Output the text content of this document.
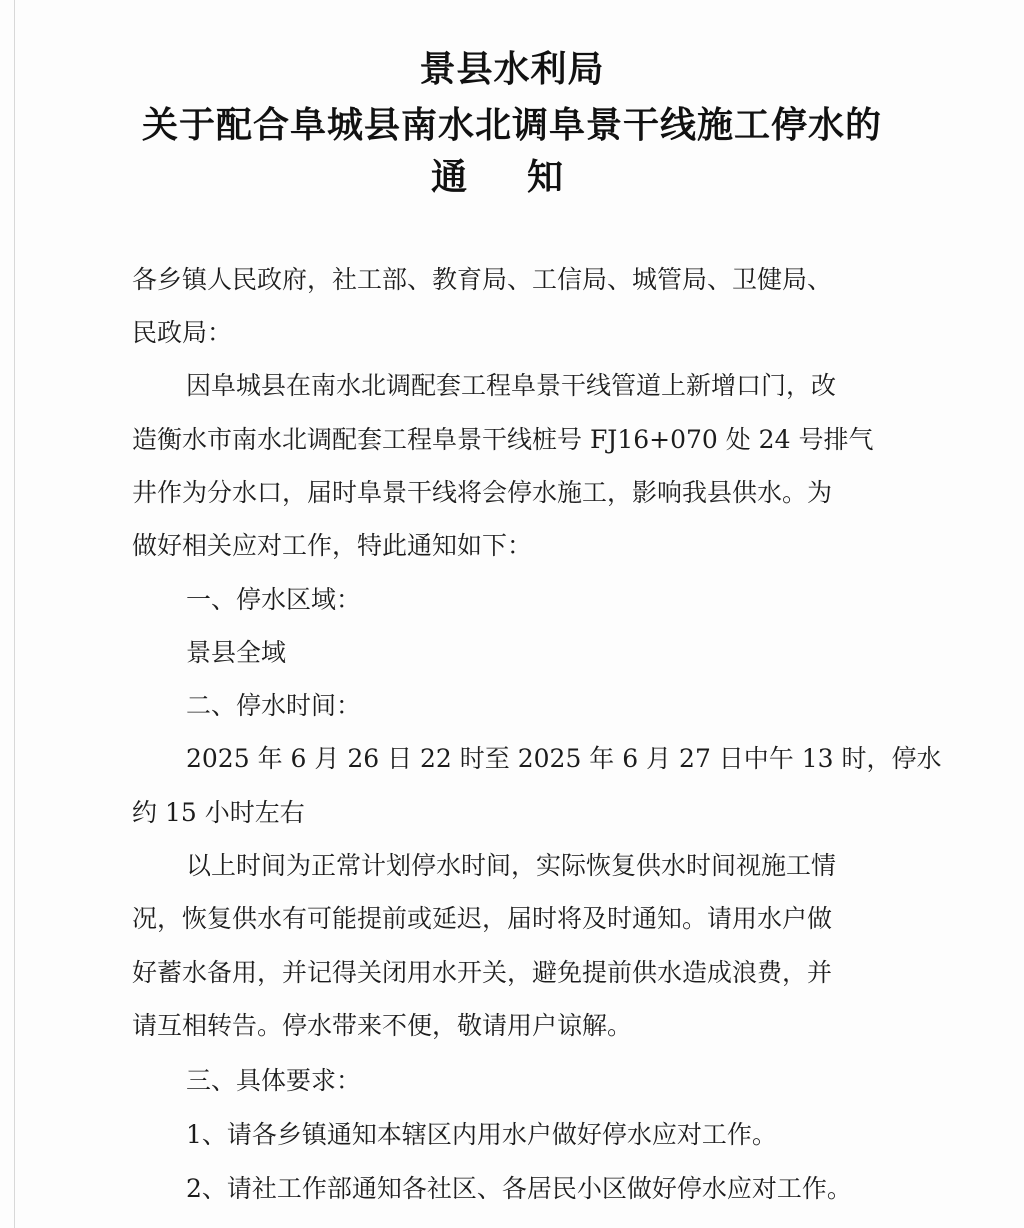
景县水利局
关于配合阜城县南水北调阜景干线施工停水的
通知
各乡镇人民政府，社工部、教育局、工信局、城管局、卫健局、
民政局：
因阜城县在南水北调配套工程阜景干线管道上新增口门，改
造衡水市南水北调配套工程阜景干线桩号 FJ16+070 处 24 号排气
井作为分水口，届时阜景干线将会停水施工，影响我县供水。为
做好相关应对工作，特此通知如下：
一、停水区域：
景县全域
二、停水时间：
2025 年 6 月 26 日 22 时至 2025 年 6 月 27 日中午 13 时，停水
约 15 小时左右
以上时间为正常计划停水时间，实际恢复供水时间视施工情
况，恢复供水有可能提前或延迟，届时将及时通知。请用水户做
好蓄水备用，并记得关闭用水开关，避免提前供水造成浪费，并
请互相转告。停水带来不便，敬请用户谅解。
三、具体要求：
1、请各乡镇通知本辖区内用水户做好停水应对工作。
2、请社工作部通知各社区、各居民小区做好停水应对工作。
